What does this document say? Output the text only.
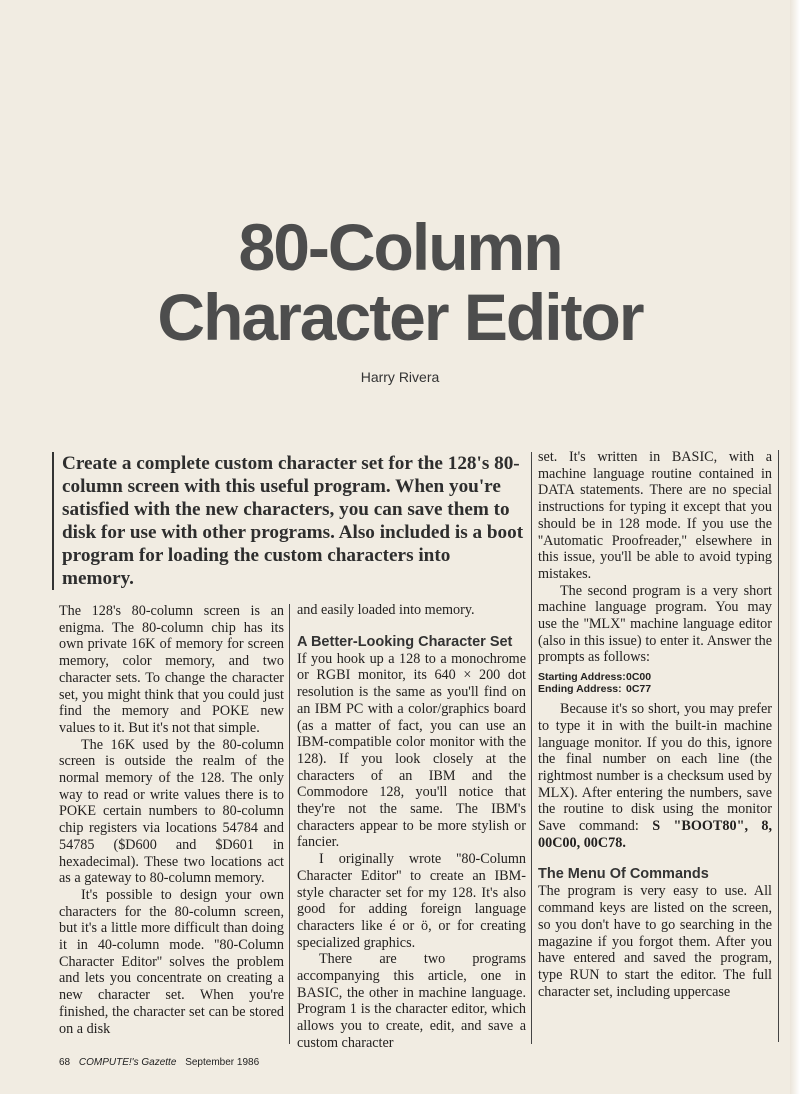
80-Column
Character Editor
Harry Rivera
Create a complete custom character set for the 128's 80-column screen with this useful program. When you're satisfied with the new characters, you can save them to disk for use with other programs. Also included is a boot program for loading the custom characters into memory.

The 128's 80-column screen is an enigma. The 80-column chip has its own private 16K of memory for screen memory, color memory, and two character sets. To change the character set, you might think that you could just find the memory and POKE new values to it. But it's not that simple.

The 16K used by the 80-column screen is outside the realm of the normal memory of the 128. The only way to read or write values there is to POKE certain numbers to 80-column chip registers via locations 54784 and 54785 ($D600 and $D601 in hexadecimal). These two locations act as a gateway to 80-column memory.

It's possible to design your own characters for the 80-column screen, but it's a little more difficult than doing it in 40-column mode. ''80-Column Character Editor'' solves the problem and lets you concentrate on creating a new character set. When you're finished, the character set can be stored on a disk

and easily loaded into memory.

A Better-Looking Character Set

If you hook up a 128 to a monochrome or RGBI monitor, its 640 × 200 dot resolution is the same as you'll find on an IBM PC with a color/graphics board (as a matter of fact, you can use an IBM-compatible color monitor with the 128). If you look closely at the characters of an IBM and the Commodore 128, you'll notice that they're not the same. The IBM's characters appear to be more stylish or fancier.

I originally wrote ''80-Column Character Editor'' to create an IBM-style character set for my 128. It's also good for adding foreign language characters like é or ö, or for creating specialized graphics.

There are two programs accompanying this article, one in BASIC, the other in machine language. Program 1 is the character editor, which allows you to create, edit, and save a custom character

set. It's written in BASIC, with a machine language routine contained in DATA statements. There are no special instructions for typing it except that you should be in 128 mode. If you use the ''Automatic Proofreader,'' elsewhere in this issue, you'll be able to avoid typing mistakes.

The second program is a very short machine language program. You may use the ''MLX'' machine language editor (also in this issue) to enter it. Answer the prompts as follows:

Starting Address:0C00
Ending Address: 0C77

Because it's so short, you may prefer to type it in with the built-in machine language monitor. If you do this, ignore the final number on each line (the rightmost number is a checksum used by MLX). After entering the numbers, save the routine to disk using the monitor Save command: S "BOOT80", 8, 00C00, 00C78.

The Menu Of Commands

The program is very easy to use. All command keys are listed on the screen, so you don't have to go searching in the magazine if you forgot them. After you have entered and saved the program, type RUN to start the editor. The full character set, including uppercase

68 COMPUTE!'s Gazette September 1986
